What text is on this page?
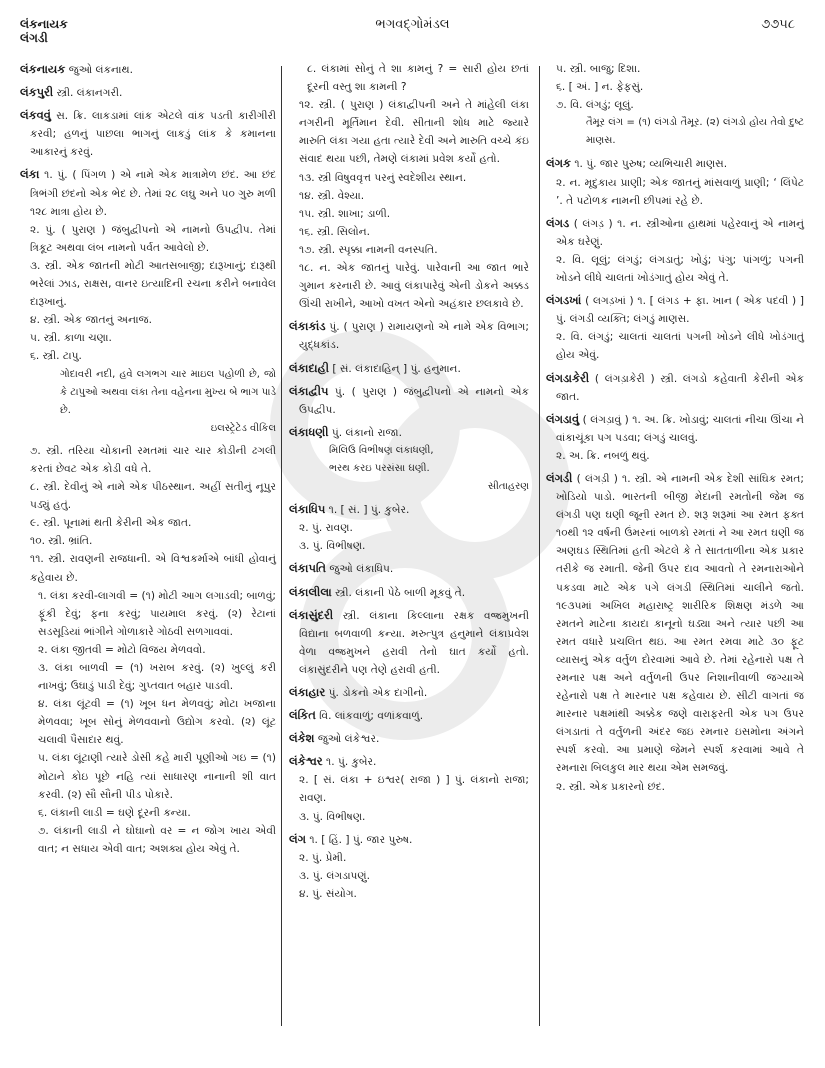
લંકનાયક
લંગડી
ભગવદ્‌ગોમંડલ	૭૭૫૮

લંકનાયક જુઓ લંકનાથ.

લંકપુરી સ્ત્રી. લંકાનગરી.

લંકવવું સ. ક્રિ. લાકડામાં લાંક એટલે વાંક પડતી કારીગીરી કરવી; હળનું પાછલા ભાગનું લાકડું લાંક કે કમાનના આકારનું કરવું.

લંકા ૧. પું. ( પિંગળ ) એ નામે એક માત્રામેળ છંદ. આ છંદ ત્રિભંગી છંદનો એક ભેદ છે. તેમાં ૨૮ લઘુ અને ૫૦ ગુરુ મળી ૧૨૮ માત્રા હોય છે.

૨. પું. ( પુરાણ ) જંબુદ્વીપનો એ નામનો ઉપદ્વીપ. તેમાં ત્રિકૂટ અથવા લંબ નામનો પર્વત આવેલો છે.

૩. સ્ત્રી. એક જાતની મોટી આતસબાજી; દારૂખાનું; દારૂથી ભરેલાં ઝાડ, રાક્ષસ, વાનર ઇત્યાદિની રચના કરીને બનાવેલ દારૂખાનું.

૪. સ્ત્રી. એક જાતનું અનાજ.

૫. સ્ત્રી. કાળા ચણા.

૬. સ્ત્રી. ટાપુ.

ગોદાવરી નદી, હવે લગભગ ચાર માઇલ પહોળી છે, જો કે ટાપુઓ અથવા લંકા તેના વહેનના મુખ્ય બે ભાગ પાડે છે.

ઇલસ્ટ્રેટેડ વીકિલ

૭. સ્ત્રી. તરિયા ચોકાની રમતમાં ચાર ચાર કોડીની ઢગલી કરતાં છેવટ એક કોડી વધે તે.

૮. સ્ત્રી. દેવીનું એ નામે એક પીઠસ્થાન. અહીં સતીનું નૂપુર પડ્યું હતું.

૯. સ્ત્રી. પૂનામાં થતી કેરીની એક જાત.

૧૦. સ્ત્રી. ભ્રાંતિ.

૧૧. સ્ત્રી. રાવણની રાજધાની. એ વિશ્વકર્માએ બાંધી હોવાનું કહેવાય છે.

૧. લંકા કરવી-લાગવી = (૧) મોટી આગ લગાડવી; બાળવું; ફૂંકી દેવું; ફના કરવું; પાયમાલ કરવું. (૨) રેટાનાં સડસૂડિયાં ભાંગીને ગોળાકારે ગોઠવી સળગાવવાં.

૨. લંકા જીતવી = મોટો વિજય મેળવવો.

૩. લંકા બાળવી = (૧) ખરાબ કરવું. (૨) ખુલ્લું કરી નાખવું; ઉઘાડું પાડી દેવું; ગુપ્તવાત બહાર પાડવી.

૪. લંકા લૂંટવી = (૧) ખૂબ ધન મેળવવું; મોટા ખજાના મેળવવા; ખૂબ સોનું મેળવવાનો ઉદ્યોગ કરવો. (૨) લૂંટ ચલાવી પૈસાદાર થવું.

૫. લંકા લૂંટાણી ત્યારે ડોસી કહે મારી પૂણીઓ ગઇ = (૧) મોટાને કોઇ પૂછે નહિ ત્યાં સાધારણ નાનાની શી વાત કરવી. (૨) સૌ સૌની પીડ પોકારે.

૬. લંકાની લાડી = ઘણે દૂરની કન્યા.

૭. લંકાની લાડી ને ઘોઘાનો વર = ન જોગ ખાય એવી વાત; ન સધાય એવી વાત; અશક્ય હોય એવું તે.

૮. લંકામાં સોનું તે શા કામનું ? = સારી હોય છતાં દૂરની વસ્તુ શા કામની ?

૧૨. સ્ત્રી. ( પુરાણ ) લંકાદ્વીપની અને તે માંહેલી લંકા નગરીની મૂર્તિમાન દેવી. સીતાની શોધ માટે જ્યારે મારુતિ લંકા ગયા હતા ત્યારે દેવી અને મારુતિ વચ્ચે કંઇ સંવાદ થયા પછી, તેમણે લંકામાં પ્રવેશ કર્યો હતો.

૧૩. સ્ત્રી વિષુવવૃત્ત પરનું સ્વદેશીય સ્થાન.

૧૪. સ્ત્રી. વેશ્યા.

૧૫. સ્ત્રી. શાખા; ડાળી.

૧૬. સ્ત્રી. સિલોન.

૧૭. સ્ત્રી. સ્પૃક્કા નામની વનસ્પતિ.

૧૮. ન. એક જાતનું પારેવું. પારેવાની આ જાત ભારે ગુમાન કરનારી છે. આવું લંકાપારેવું એની ડોકને અક્કડ ઊંચી રાખીને, આખો વખત એનો અહંકાર છલકાવે છે.

લંકાકાંડ પું. ( પુરાણ ) રામાયણનો એ નામે એક વિભાગ; યુદ્ધકાંડ.

લંકાદાહી [ સં. લંકાદાહિન્ ] પું. હનુમાન.

લંકાદ્વીપ પું. ( પુરાણ ) જંબુદ્વીપનો એ નામનો એક ઉપદ્વીપ.

લંકાધણી પું. લંકાનો રાજા.

મિલિઉ વિભીષણ લંકાધણી,

ભરથ કરઇ પરસંસા ઘણી.

સીતાહરણ

લંકાધિપ ૧. [ સં. ] પું. કુબેર.

૨. પું. રાવણ.

૩. પું. વિભીષણ.

લંકાપતિ જુઓ લંકાધિપ.

લંકાલીલા સ્ત્રી. લંકાની પેઠે બાળી મૂકવું તે.

લંકાસુંદરી સ્ત્રી. લંકાના કિલ્લાના રક્ષક વજ્રમુખની વિદ્યાના બળવાળી કન્યા. મરુત્પુત્ર હનુમાને લંકાપ્રવેશ વેળા વજ્રમુખને હરાવી તેનો ઘાત કર્યો હતો. લંકાસુંદરીને પણ તેણે હરાવી હતી.

લંકાહાર પું. ડોકનો એક દાગીનો.

લંકિત વિ. લાંકવાળું; વળાંકવાળું.

લંકેશ જુઓ લંકેશ્વર.

લંકેશ્વર ૧. પું. કુબેર.

૨. [ સં. લંકા + ઇશ્વર( રાજા ) ] પું. લંકાનો રાજા; રાવણ.

૩. પું. વિભીષણ.

લંગ ૧. [ હિં. ] પું. જાર પુરુષ.

૨. પું. પ્રેમી.

૩. પું. લંગડાપણું.

૪. પું. સંયોગ.

૫. સ્ત્રી. બાજુ; દિશા.

૬. [ અં. ] ન. ફેફસું.

૭. વિ. લંગડું; લૂલું.

તૈમૂર લંગ = (૧) લંગડો તૈમૂર. (૨) લંગડો હોય તેવો દુષ્ટ માણસ.

લંગક ૧. પું. જાર પુરુષ; વ્યભિચારી માણસ.

૨. ન. મૃદુકાય પ્રાણી; એક જાતનું માંસવાળું પ્રાણી; ‘ લિંપેટ ’. તે પટોળક નામની છીપમાં રહે છે.

લંગડ ( લંગડ઼ ) ૧. ન. સ્ત્રીઓના હાથમાં પહેરવાનું એ નામનું એક ઘરેણું.

૨. વિ. લૂલું; લંગડું; લંગડાતું; ખોડું; પંગુ; પાંગળું; પગની ખોડને લીધે ચાલતાં ખોડંગાતું હોય એવું તે.

લંગડખાં ( લગડ઼ખાં ) ૧. [ લંગડ + ફા. ખાન ( એક પદવી ) ] પું. લંગડી વ્યક્તિ; લંગડું માણસ.

૨. વિ. લંગડું; ચાલતાં ચાલતાં પગની ખોડને લીધે ખોડંગાતું હોય એવું.

લંગડાકેરી ( લંગડ઼ાકેરી ) સ્ત્રી. લંગડો કહેવાતી કેરીની એક જાત.

લંગડાવું ( લંગડ઼ાવું ) ૧. અ. ક્રિ. ખોડાવું; ચાલતાં નીચા ઊંચા ને વાંકાચૂંકા પગ પડવા; લંગડું ચાલવું.

૨. અ. ક્રિ. નબળું થવું.

લંગડી ( લંગડ઼ી ) ૧. સ્ત્રી. એ નામની એક દેશી સાંઘિક રમત; ખોડિયો પાડો. ભારતની બીજી મેદાની રમતોની જેમ જ લંગડી પણ ઘણી જૂની રમત છે. શરૂ શરૂમાં આ રમત ફક્ત ૧૦થી ૧૨ વર્ષની ઉંમરનાં બાળકો રમતાં ને આ રમત ઘણી જ અણઘડ સ્થિતિમાં હતી એટલે કે તે સાતતાળીના એક પ્રકાર તરીકે જ રમાતી. જેની ઉપર દાવ આવતો તે રમનારાઓને પકડવા માટે એક પગે લંગડી સ્થિતિમાં ચાલીને જતો. ૧૯૩૫માં અખિલ મહારાષ્ટ્ર શારીરિક શિક્ષણ મંડળે આ રમતને માટેના કાયદા કાનૂનો ઘડ્યા અને ત્યાર પછી આ રમત વધારે પ્રચલિત થઇ. આ રમત રમવા માટે ૩૦ ફૂટ વ્યાસનું એક વર્તુળ દોરવામાં આવે છે. તેમાં રહેનારો પક્ષ તે રમનાર પક્ષ અને વર્તુળની ઉપર નિશાનીવાળી જગ્યાએ રહેનારો પક્ષ તે મારનાર પક્ષ કહેવાય છે. સીટી વાગતાં જ મારનાર પક્ષમાંથી અક્કેક જણે વારાફરતી એક પગ ઉપર લંગડાતાં તે વર્તુળની અંદર જઇ રમનાર ઇસમોના અંગને સ્પર્શ કરવો. આ પ્રમાણે જેમને સ્પર્શ કરવામાં આવે તે રમનારા બિલકુલ માર થયા એમ સમજવું.

૨. સ્ત્રી. એક પ્રકારનો છંદ.
